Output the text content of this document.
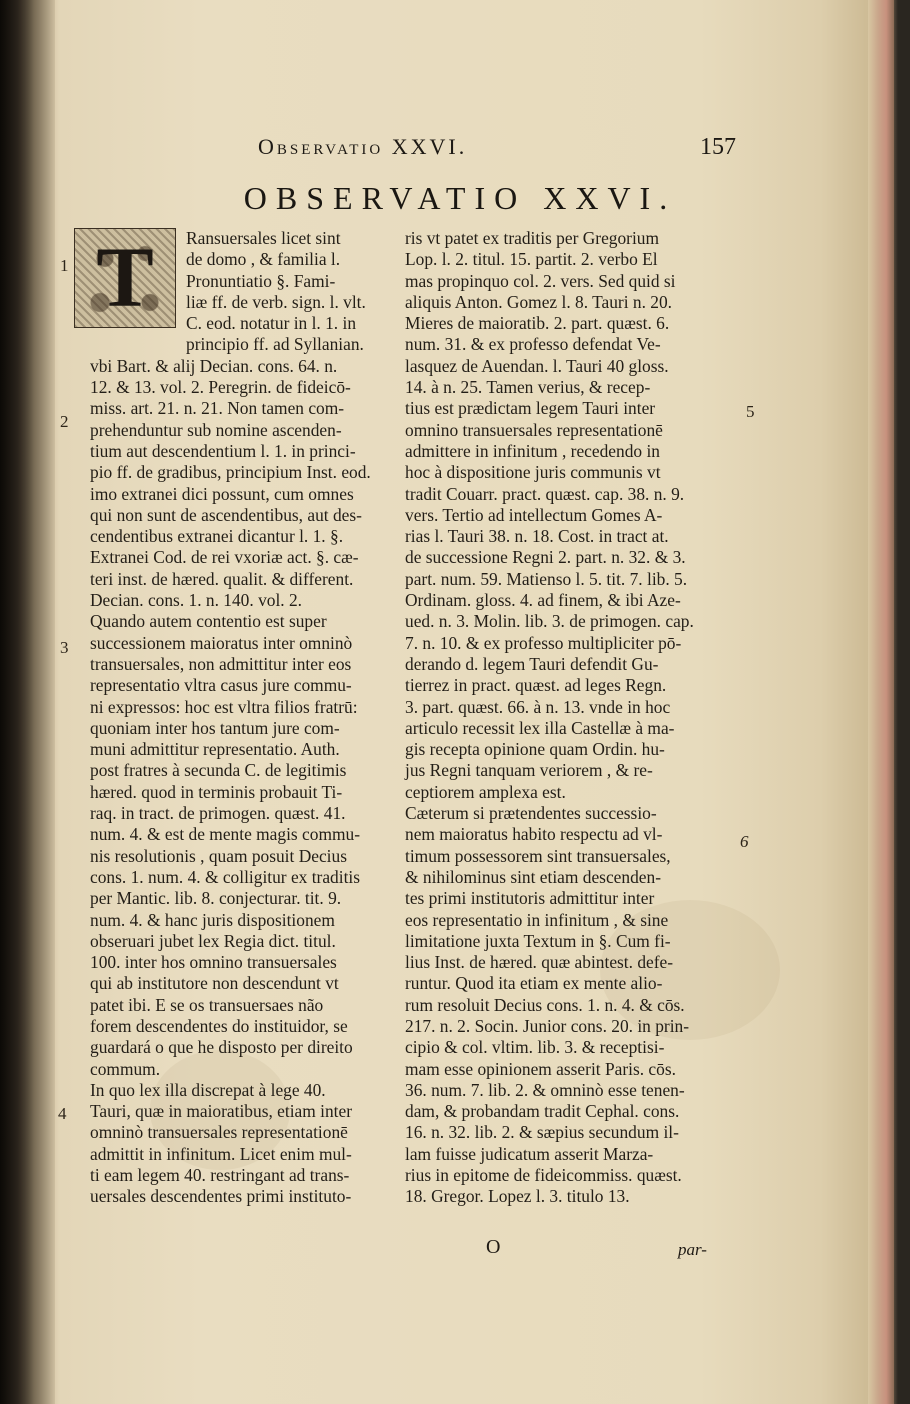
Observatio XXVI.	157
OBSERVATIO XXVI.
T	Ransuersales licet sint
de domo , & familia l.
Pronuntiatio §. Fami-
liæ ff. de verb. sign. l. vlt.
C. eod. notatur in l. 1. in
principio ff. ad Syllanian.
vbi Bart. & alij Decian. cons. 64. n.
12. & 13. vol. 2. Peregrin. de fideicō-
miss. art. 21. n. 21. Non tamen com-
prehenduntur sub nomine ascenden-
tium aut descendentium l. 1. in princi-
pio ff. de gradibus, principium Inst. eod.
imo extranei dici possunt, cum omnes
qui non sunt de ascendentibus, aut des-
cendentibus extranei dicantur l. 1. §.
Extranei Cod. de rei vxoriæ act. §. cæ-
teri inst. de hæred. qualit. & different.
Decian. cons. 1. n. 140. vol. 2.
Quando autem contentio est super
successionem maioratus inter omninò
transuersales, non admittitur inter eos
representatio vltra casus jure commu-
ni expressos: hoc est vltra filios fratrū:
quoniam inter hos tantum jure com-
muni admittitur representatio. Auth.
post fratres à secunda C. de legitimis
hæred. quod in terminis probauit Ti-
raq. in tract. de primogen. quæst. 41.
num. 4. & est de mente magis commu-
nis resolutionis , quam posuit Decius
cons. 1. num. 4. & colligitur ex traditis
per Mantic. lib. 8. conjecturar. tit. 9.
num. 4. & hanc juris dispositionem
obseruari jubet lex Regia dict. titul.
100. inter hos omnino transuersales
qui ab institutore non descendunt vt
patet ibi. E se os transuersaes não
forem descendentes do instituidor, se
guardará o que he disposto per direito
commum.
In quo lex illa discrepat à lege 40.
Tauri, quæ in maioratibus, etiam inter
omninò transuersales representationē
admittit in infinitum. Licet enim mul-
ti eam legem 40. restringant ad trans-
uersales descendentes primi instituto-
ris vt patet ex traditis per Gregorium
Lop. l. 2. titul. 15. partit. 2. verbo El
mas propinquo col. 2. vers. Sed quid si
aliquis Anton. Gomez l. 8. Tauri n. 20.
Mieres de maioratib. 2. part. quæst. 6.
num. 31. & ex professo defendat Ve-
lasquez de Auendan. l. Tauri 40 gloss.
14. à n. 25. Tamen verius, & recep-
tius est prædictam legem Tauri inter
omnino transuersales representationē
admittere in infinitum , recedendo in
hoc à dispositione juris communis vt
tradit Couarr. pract. quæst. cap. 38. n. 9.
vers. Tertio ad intellectum Gomes A-
rias l. Tauri 38. n. 18. Cost. in tract at.
de successione Regni 2. part. n. 32. & 3.
part. num. 59. Matienso l. 5. tit. 7. lib. 5.
Ordinam. gloss. 4. ad finem, & ibi Aze-
ued. n. 3. Molin. lib. 3. de primogen. cap.
7. n. 10. & ex professo multipliciter pō-
derando d. legem Tauri defendit Gu-
tierrez in pract. quæst. ad leges Regn.
3. part. quæst. 66. à n. 13. vnde in hoc
articulo recessit lex illa Castellæ à ma-
gis recepta opinione quam Ordin. hu-
jus Regni tanquam veriorem , & re-
ceptiorem amplexa est.
Cæterum si prætendentes successio-
nem maioratus habito respectu ad vl-
timum possessorem sint transuersales,
& nihilominus sint etiam descenden-
tes primi institutoris admittitur inter
eos representatio in infinitum , & sine
limitatione juxta Textum in §. Cum fi-
lius Inst. de hæred. quæ abintest. defe-
runtur. Quod ita etiam ex mente alio-
rum resoluit Decius cons. 1. n. 4. & cōs.
217. n. 2. Socin. Junior cons. 20. in prin-
cipio & col. vltim. lib. 3. & receptisi-
mam esse opinionem asserit Paris. cōs.
36. num. 7. lib. 2. & omninò esse tenen-
dam, & probandam tradit Cephal. cons.
16. n. 32. lib. 2. & sæpius secundum il-
lam fuisse judicatum asserit Marza-
rius in epitome de fideicommiss. quæst.
18. Gregor. Lopez l. 3. titulo 13.
1
2
3
4
5
6
O	par-
